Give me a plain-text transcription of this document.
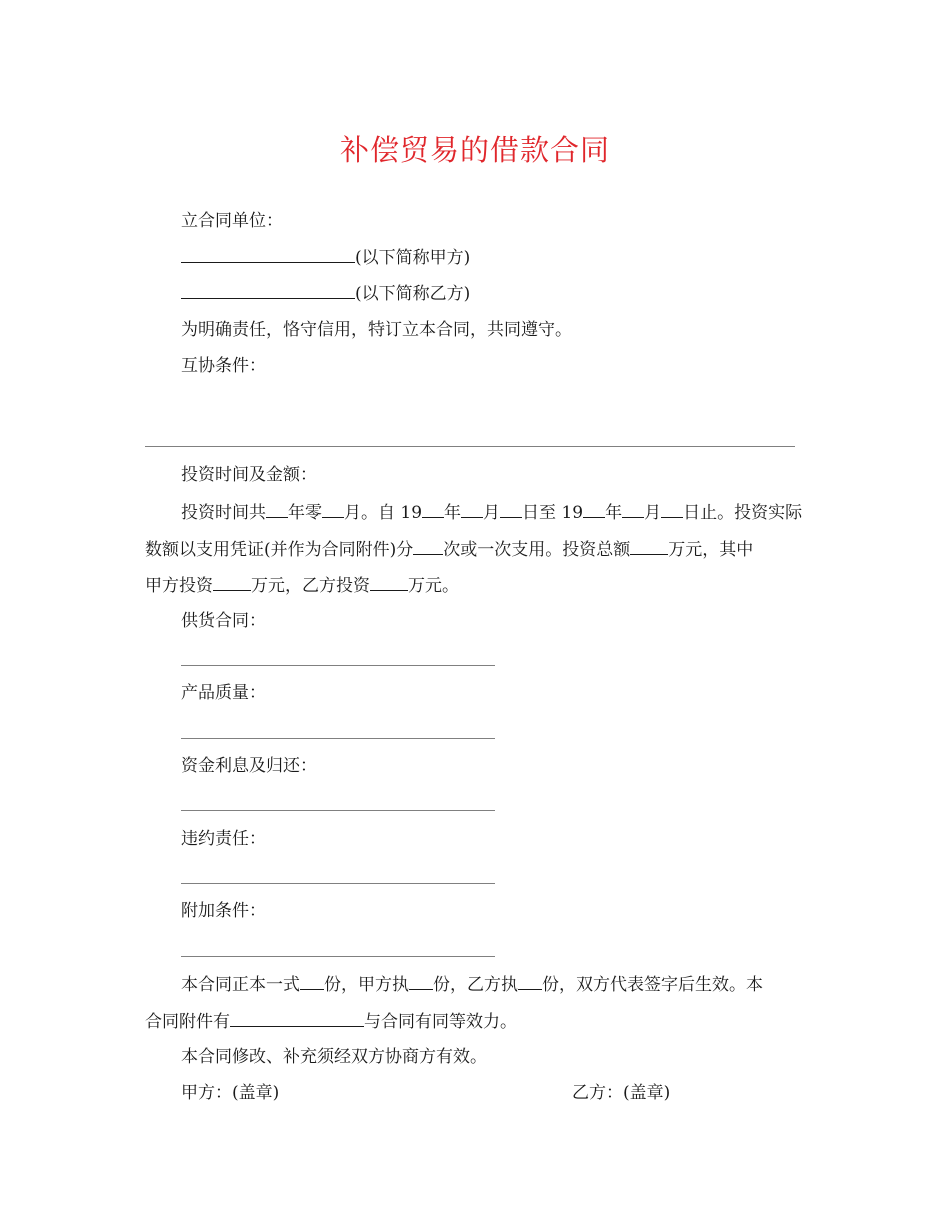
补偿贸易的借款合同
立合同单位：
(以下简称甲方)
(以下简称乙方)
为明确责任，恪守信用，特订立本合同，共同遵守。
互协条件：
投资时间及金额：
投资时间共 年零 月。自 19 年 月 日至 19 年 月 日止。投资实际
数额以支用凭证(并作为合同附件)分 次或一次支用。投资总额 万元，其中
甲方投资 万元，乙方投资 万元。
供货合同：
产品质量：
资金利息及归还：
违约责任：
附加条件：
本合同正本一式 份，甲方执 份，乙方执 份，双方代表签字后生效。本
合同附件有	与合同有同等效力。
本合同修改、补充须经双方协商方有效。
甲方：(盖章)	乙方：(盖章)
